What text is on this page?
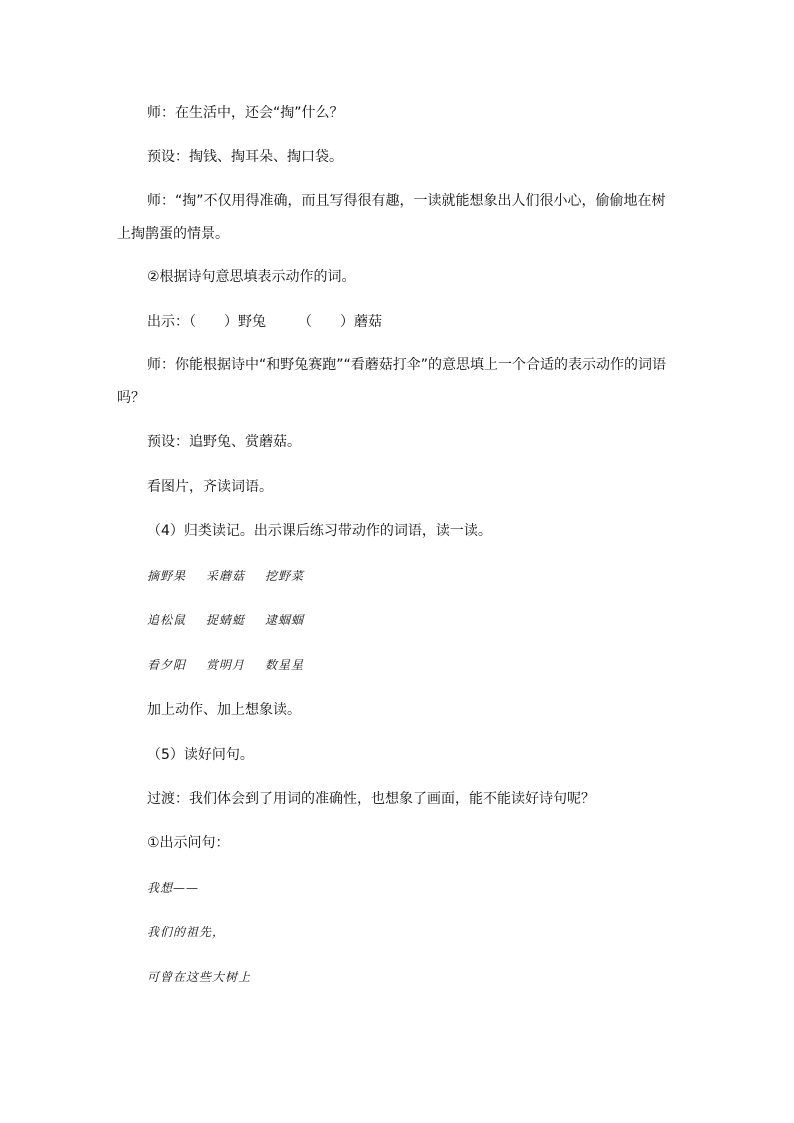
师：在生活中，还会“掏”什么？
预设：掏钱、掏耳朵、掏口袋。
师：“掏”不仅用得准确，而且写得很有趣，一读就能想象出人们很小心，偷偷地在树上掏鹊蛋的情景。
②根据诗句意思填表示动作的词。
出示：（　　）野兔 （　　）蘑菇
师：你能根据诗中“和野兔赛跑”“看蘑菇打伞”的意思填上一个合适的表示动作的词语吗？
预设：追野兔、赏蘑菇。
看图片，齐读词语。
（4）归类读记。出示课后练习带动作的词语，读一读。
摘野果 采蘑菇 挖野菜
追松鼠 捉蜻蜓 逮蝈蝈
看夕阳 赏明月 数星星
加上动作、加上想象读。
（5）读好问句。
过渡：我们体会到了用词的准确性，也想象了画面，能不能读好诗句呢？
①出示问句：
我想——
我们的祖先，
可曾在这些大树上
